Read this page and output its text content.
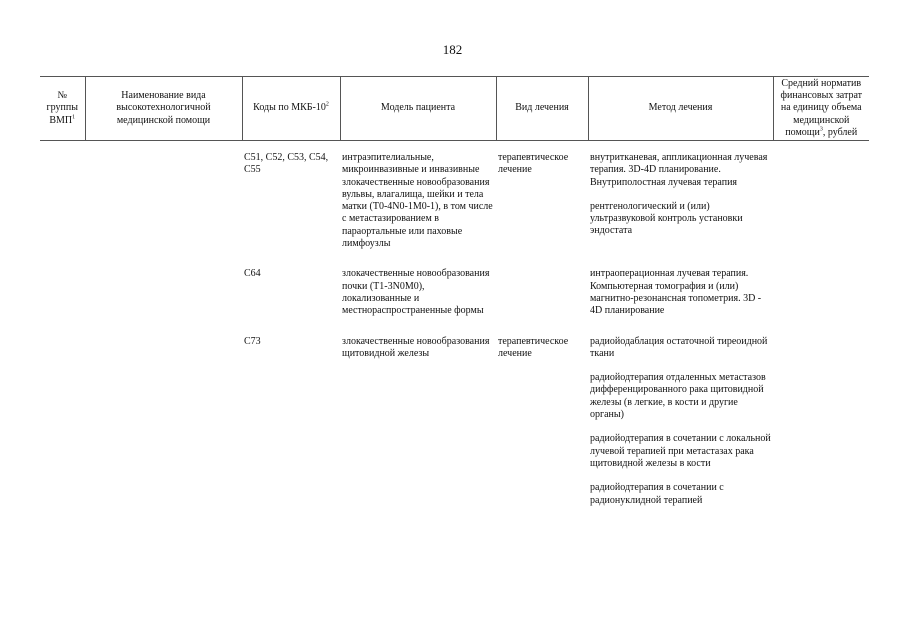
182
№ группы ВМП$^1$	Наименование вида высокотехнологичной медицинской помощи	Коды по МКБ-$10^2$	Модель пациента	Вид лечения	Метод лечения	Средний норматив финансовых затрат на единицу объема медицинской помощи$^3$, рублей

		C51, C52, C53, C54, C55	интраэпителиальные, микроинвазивные и инвазивные злокачественные новообразования вульвы, влагалища, шейки и тела матки (T0-4N0-1M0-1), в том числе с метастазированием в параортальные или паховые лимфоузлы	терапевтическое лечение	внутритканевая, аппликационная лучевая терапия. 3D-4D планирование. Внутриполостная лучевая терапия

рентгенологический и (или) ультразвуковой контроль установки эндостата	

		C64	злокачественные новообразования почки (T1-3N0M0), локализованные и местнораспространенные формы		интраоперационная лучевая терапия. Компьютерная томография и (или) магнитно-резонансная топометрия. 3D - 4D планирование	

		C73	злокачественные новообразования щитовидной железы	терапевтическое лечение	радиойодаблация остаточной тиреоидной ткани

радиойодтерапия отдаленных метастазов дифференцированного рака щитовидной железы (в легкие, в кости и другие органы)

радиойодтерапия в сочетании с локальной лучевой терапией при метастазах рака щитовидной железы в кости

радиойодтерапия в сочетании с радионуклидной терапией	
